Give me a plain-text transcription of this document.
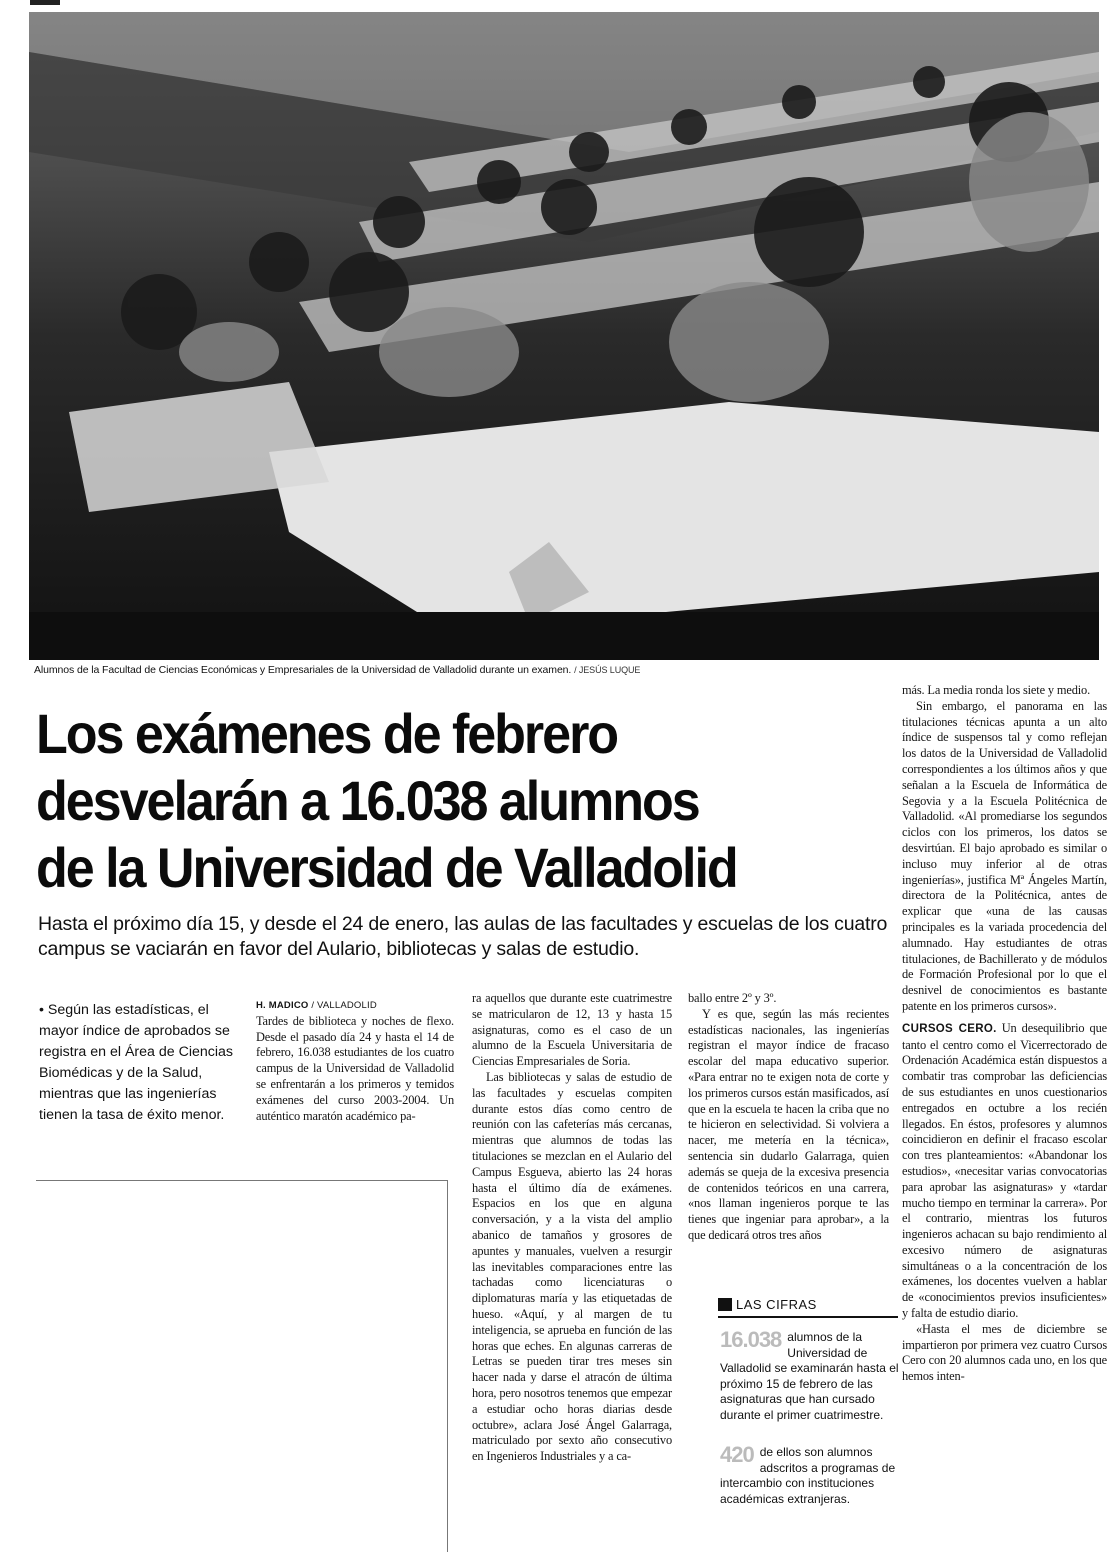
Alumnos de la Facultad de Ciencias Económicas y Empresariales de la Universidad de Valladolid durante un examen. / JESÚS LUQUE
Los exámenes de febrero
desvelarán a 16.038 alumnos
de la Universidad de Valladolid
Hasta el próximo día 15, y desde el 24 de enero, las aulas de las facultades y escuelas de los cuatro campus se vaciarán en favor del Aulario, bibliotecas y salas de estudio.
• Según las estadísticas, el mayor índice de aprobados se registra en el Área de Ciencias Biomédicas y de la Salud, mientras que las ingenierías tienen la tasa de éxito menor.

H. MADICO / VALLADOLID

Tardes de biblioteca y noches de flexo. Desde el pasado día 24 y hasta el 14 de febrero, 16.038 estudiantes de los cuatro campus de la Universidad de Valladolid se enfrentarán a los primeros y temidos exámenes del curso 2003-2004. Un auténtico maratón académico pa-

ra aquellos que durante este cuatrimestre se matricularon de 12, 13 y hasta 15 asignaturas, como es el caso de un alumno de la Escuela Universitaria de Ciencias Empresariales de Soria.

Las bibliotecas y salas de estudio de las facultades y escuelas compiten durante estos días como centro de reunión con las cafeterías más cercanas, mientras que alumnos de todas las titulaciones se mezclan en el Aulario del Campus Esgueva, abierto las 24 horas hasta el último día de exámenes. Espacios en los que en alguna conversación, y a la vista del amplio abanico de tamaños y grosores de apuntes y manuales, vuelven a resurgir las inevitables comparaciones entre las tachadas como licenciaturas o diplomaturas maría y las etiquetadas de hueso. «Aquí, y al margen de tu inteligencia, se aprueba en función de las horas que eches. En algunas carreras de Letras se pueden tirar tres meses sin hacer nada y darse el atracón de última hora, pero nosotros tenemos que empezar a estudiar ocho horas diarias desde octubre», aclara José Ángel Galarraga, matriculado por sexto año consecutivo en Ingenieros Industriales y a ca-

ballo entre 2º y 3º.

Y es que, según las más recientes estadísticas nacionales, las ingenierías registran el mayor índice de fracaso escolar del mapa educativo superior. «Para entrar no te exigen nota de corte y los primeros cursos están masificados, así que en la escuela te hacen la criba que no te hicieron en selectividad. Si volviera a nacer, me metería en la técnica», sentencia sin dudarlo Galarraga, quien además se queja de la excesiva presencia de contenidos teóricos en una carrera, «nos llaman ingenieros porque te las tienes que ingeniar para aprobar», a la que dedicará otros tres años

LAS CIFRAS
16.038 alumnos de la Universidad de Valladolid se examinarán hasta el próximo 15 de febrero de las asignaturas que han cursado durante el primer cuatrimestre.
420 de ellos son alumnos adscritos a programas de intercambio con instituciones académicas extranjeras.

más. La media ronda los siete y medio.

Sin embargo, el panorama en las titulaciones técnicas apunta a un alto índice de suspensos tal y como reflejan los datos de la Universidad de Valladolid correspondientes a los últimos años y que señalan a la Escuela de Informática de Segovia y a la Escuela Politécnica de Valladolid. «Al promediarse los segundos ciclos con los primeros, los datos se desvirtúan. El bajo aprobado es similar o incluso muy inferior al de otras ingenierías», justifica Mª Ángeles Martín, directora de la Politécnica, antes de explicar que «una de las causas principales es la variada procedencia del alumnado. Hay estudiantes de otras titulaciones, de Bachillerato y de módulos de Formación Profesional por lo que el desnivel de conocimientos es bastante patente en los primeros cursos».

CURSOS CERO. Un desequilibrio que tanto el centro como el Vicerrectorado de Ordenación Académica están dispuestos a combatir tras comprobar las deficiencias de sus estudiantes en unos cuestionarios entregados en octubre a los recién llegados. En éstos, profesores y alumnos coincidieron en definir el fracaso escolar con tres planteamientos: «Abandonar los estudios», «necesitar varias convocatorias para aprobar las asignaturas» y «tardar mucho tiempo en terminar la carrera». Por el contrario, mientras los futuros ingenieros achacan su bajo rendimiento al excesivo número de asignaturas simultáneas o a la concentración de los exámenes, los docentes vuelven a hablar de «conocimientos previos insuficientes» y falta de estudio diario.

«Hasta el mes de diciembre se impartieron por primera vez cuatro Cursos Cero con 20 alumnos cada uno, en los que hemos inten-
